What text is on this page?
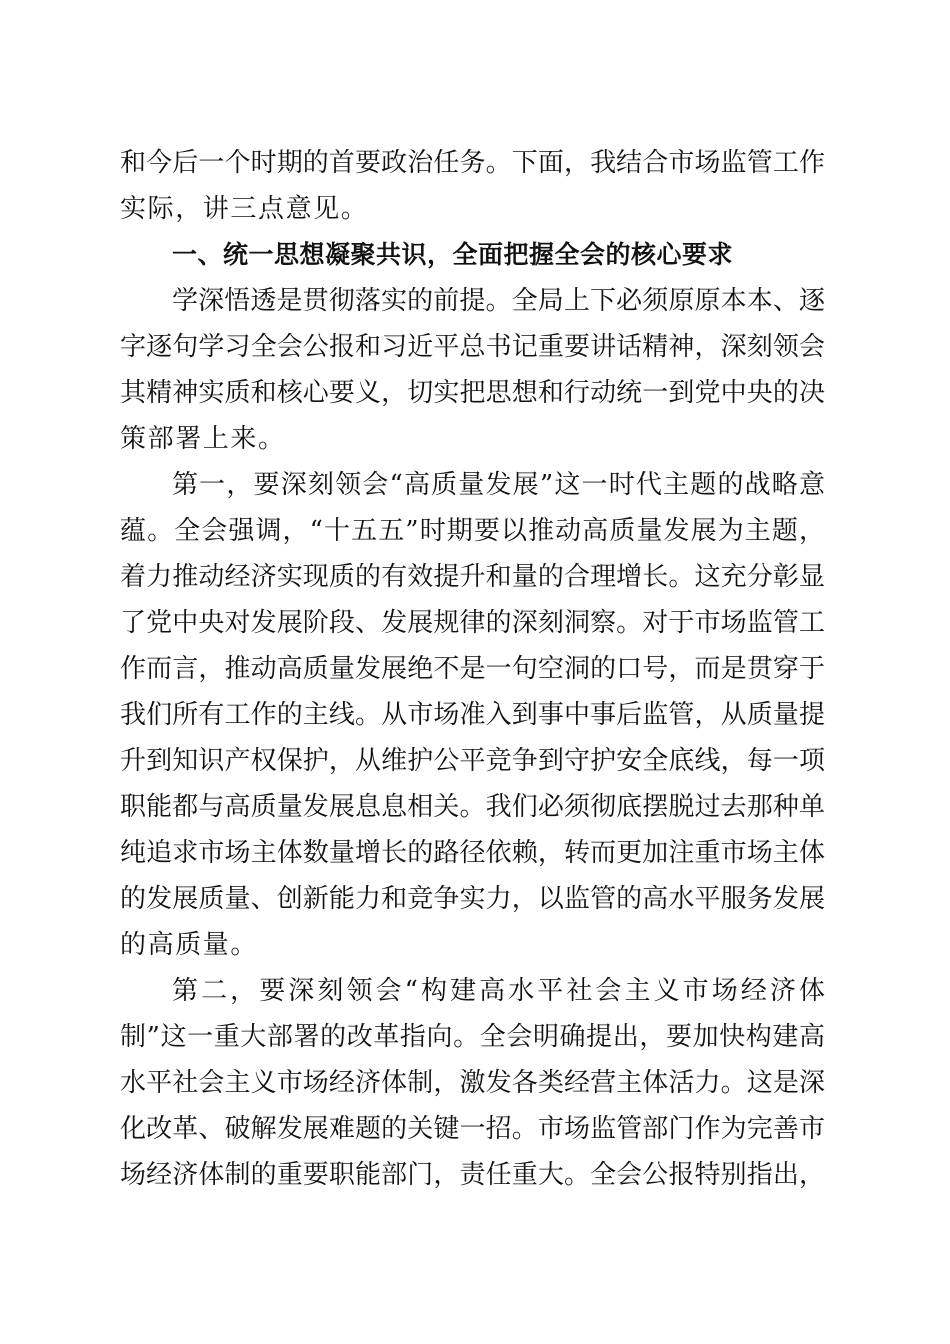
和今后一个时期的首要政治任务。下面，我结合市场监管工作
实际，讲三点意见。
一、统一思想凝聚共识，全面把握全会的核心要求
学深悟透是贯彻落实的前提。全局上下必须原原本本、逐
字逐句学习全会公报和习近平总书记重要讲话精神，深刻领会
其精神实质和核心要义，切实把思想和行动统一到党中央的决
策部署上来。
第一，要深刻领会“高质量发展”这一时代主题的战略意
蕴。全会强调，“十五五”时期要以推动高质量发展为主题，
着力推动经济实现质的有效提升和量的合理增长。这充分彰显
了党中央对发展阶段、发展规律的深刻洞察。对于市场监管工
作而言，推动高质量发展绝不是一句空洞的口号，而是贯穿于
我们所有工作的主线。从市场准入到事中事后监管，从质量提
升到知识产权保护，从维护公平竞争到守护安全底线，每一项
职能都与高质量发展息息相关。我们必须彻底摆脱过去那种单
纯追求市场主体数量增长的路径依赖，转而更加注重市场主体
的发展质量、创新能力和竞争实力，以监管的高水平服务发展
的高质量。
第二，要深刻领会“构建高水平社会主义市场经济体
制”这一重大部署的改革指向。全会明确提出，要加快构建高
水平社会主义市场经济体制，激发各类经营主体活力。这是深
化改革、破解发展难题的关键一招。市场监管部门作为完善市
场经济体制的重要职能部门，责任重大。全会公报特别指出，
